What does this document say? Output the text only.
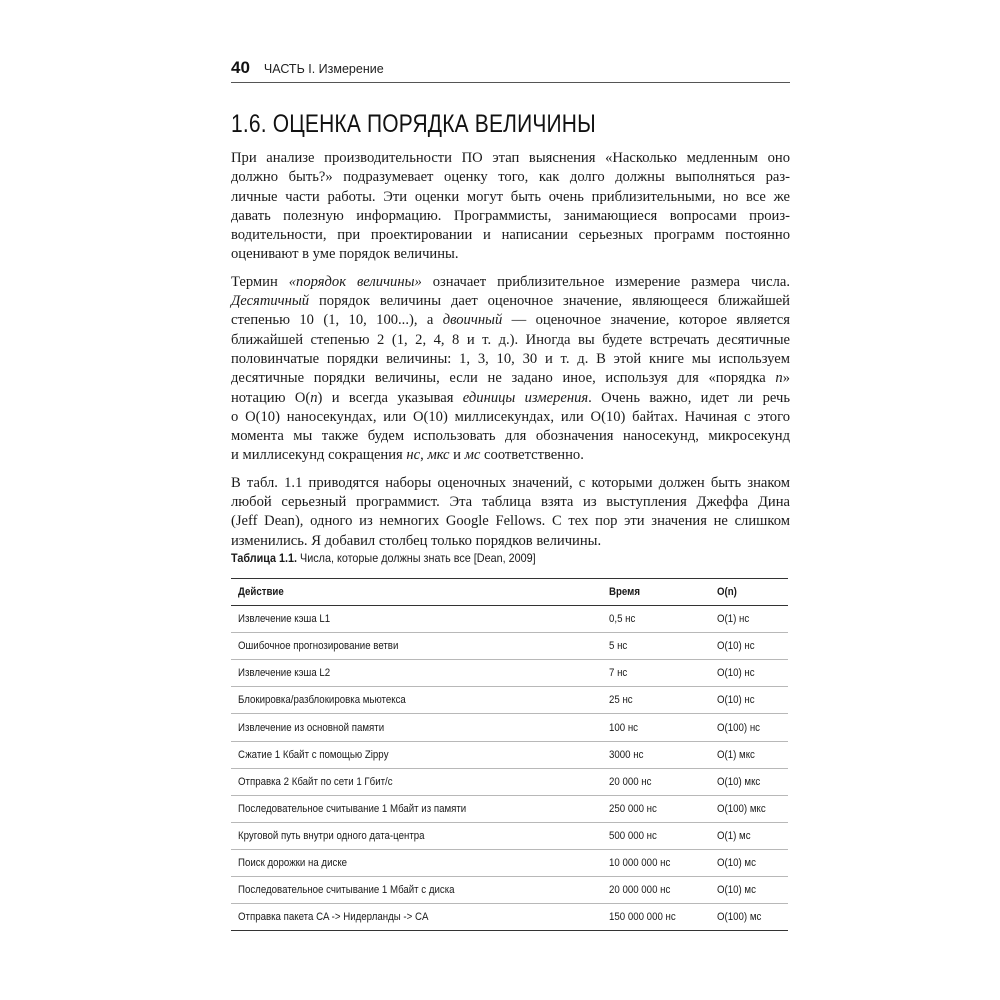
40 ЧАСТЬ I. Измерение
1.6. ОЦЕНКА ПОРЯДКА ВЕЛИЧИНЫ
При анализе производительности ПО этап выяснения «Насколько медленным оно
должно быть?» подразумевает оценку того, как долго должны выполняться раз-
личные части работы. Эти оценки могут быть очень приблизительными, но все же
давать полезную информацию. Программисты, занимающиеся вопросами произ-
водительности, при проектировании и написании серьезных программ постоянно
оценивают в уме порядок величины.
Термин «порядок величины» означает приблизительное измерение размера числа.
Десятичный порядок величины дает оценочное значение, являющееся ближайшей
степенью 10 (1, 10, 100...), а двоичный — оценочное значение, которое является
ближайшей степенью 2 (1, 2, 4, 8 и т. д.). Иногда вы будете встречать десятичные
половинчатые порядки величины: 1, 3, 10, 30 и т. д. В этой книге мы используем
десятичные порядки величины, если не задано иное, используя для «порядка n»
нотацию O(n) и всегда указывая единицы измерения. Очень важно, идет ли речь
о O(10) наносекундах, или O(10) миллисекундах, или O(10) байтах. Начиная с этого
момента мы также будем использовать для обозначения наносекунд, микросекунд
и миллисекунд сокращения нс, мкс и мс соответственно.
В табл. 1.1 приводятся наборы оценочных значений, с которыми должен быть знаком
любой серьезный программист. Эта таблица взята из выступления Джеффа Дина
(Jeff Dean), одного из немногих Google Fellows. С тех пор эти значения не слишком
изменились. Я добавил столбец только порядков величины.
Таблица 1.1. Числа, которые должны знать все [Dean, 2009]
Действие	Время	O(n)
Извлечение кэша L1	0,5 нс	O(1) нс
Ошибочное прогнозирование ветви	5 нс	O(10) нс
Извлечение кэша L2	7 нс	O(10) нс
Блокировка/разблокировка мьютекса	25 нс	O(10) нс
Извлечение из основной памяти	100 нс	O(100) нс
Сжатие 1 Кбайт с помощью Zippy	3000 нс	O(1) мкс
Отправка 2 Кбайт по сети 1 Гбит/с	20 000 нс	O(10) мкс
Последовательное считывание 1 Мбайт из памяти	250 000 нс	O(100) мкс
Круговой путь внутри одного дата-центра	500 000 нс	O(1) мс
Поиск дорожки на диске	10 000 000 нс	O(10) мс
Последовательное считывание 1 Мбайт с диска	20 000 000 нс	O(10) мс
Отправка пакета CA -> Нидерланды -> CA	150 000 000 нс	O(100) мс
